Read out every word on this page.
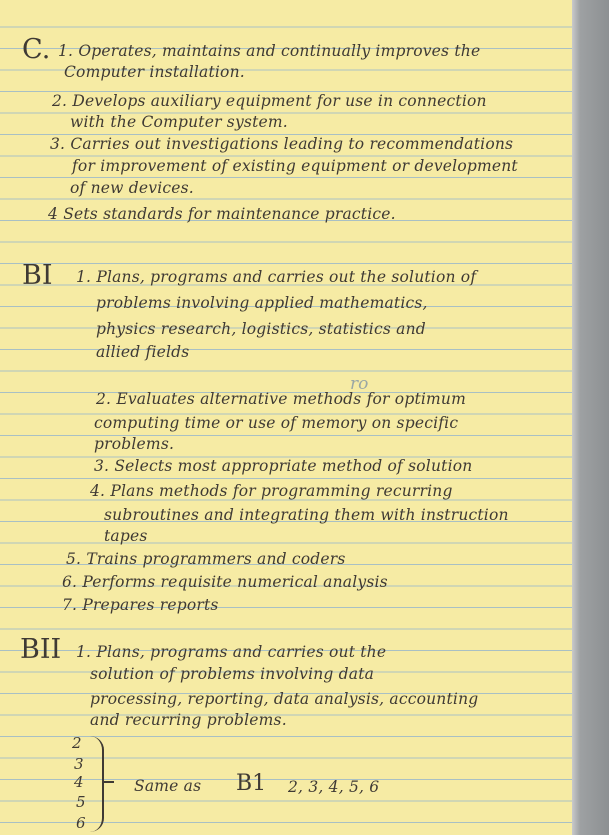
C. 1. Operates, maintains and continually improves the
Computer installation.
2. Develops auxiliary equipment for use in connection
with the Computer system.
3. Carries out investigations leading to recommendations
for improvement of existing equipment or development
of new devices.
4 Sets standards for maintenance practice.
BI 1. Plans, programs and carries out the solution of
problems involving applied mathematics,
physics research, logistics, statistics and
allied fields
ro
2. Evaluates alternative methods for optimum
computing time or use of memory on specific
problems.
3. Selects most appropriate method of solution
4. Plans methods for programming recurring
subroutines and integrating them with instruction
tapes
5. Trains programmers and coders
6. Performs requisite numerical analysis
7. Prepares reports
BII 1. Plans, programs and carries out the
solution of problems involving data
processing, reporting, data analysis, accounting
and recurring problems.
2
3
4
5
6
Same as B1 2, 3, 4, 5, 6
